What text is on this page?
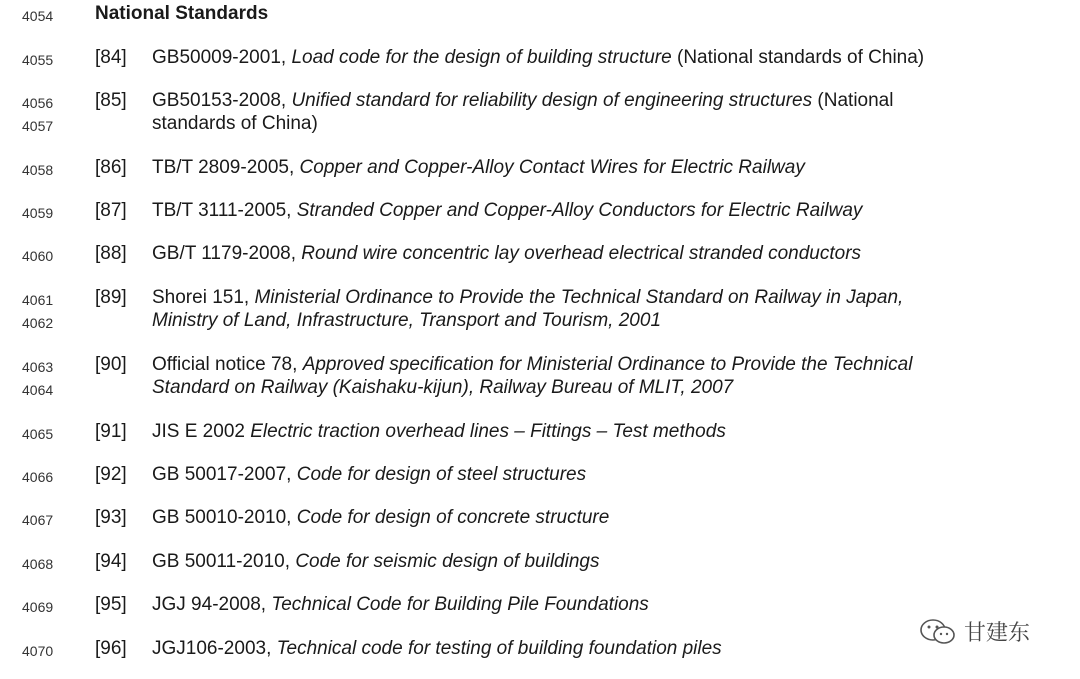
4054 National Standards
4055 [84] GB50009-2001, Load code for the design of building structure (National standards of China)
4056
4057
[85] GB50153-2008, Unified standard for reliability design of engineering structures (National
standards of China)
4058 [86] TB/T 2809-2005, Copper and Copper-Alloy Contact Wires for Electric Railway
4059 [87] TB/T 3111-2005, Stranded Copper and Copper-Alloy Conductors for Electric Railway
4060 [88] GB/T 1179-2008, Round wire concentric lay overhead electrical stranded conductors
4061
4062
[89] Shorei 151, Ministerial Ordinance to Provide the Technical Standard on Railway in Japan,
Ministry of Land, Infrastructure, Transport and Tourism, 2001
4063
4064
[90] Official notice 78, Approved specification for Ministerial Ordinance to Provide the Technical
Standard on Railway (Kaishaku-kijun), Railway Bureau of MLIT, 2007
4065 [91] JIS E 2002 Electric traction overhead lines – Fittings – Test methods
4066 [92] GB 50017-2007, Code for design of steel structures
4067 [93] GB 50010-2010, Code for design of concrete structure
4068 [94] GB 50011-2010, Code for seismic design of buildings
4069 [95] JGJ 94-2008, Technical Code for Building Pile Foundations
4070 [96] JGJ106-2003, Technical code for testing of building foundation piles
甘建东
